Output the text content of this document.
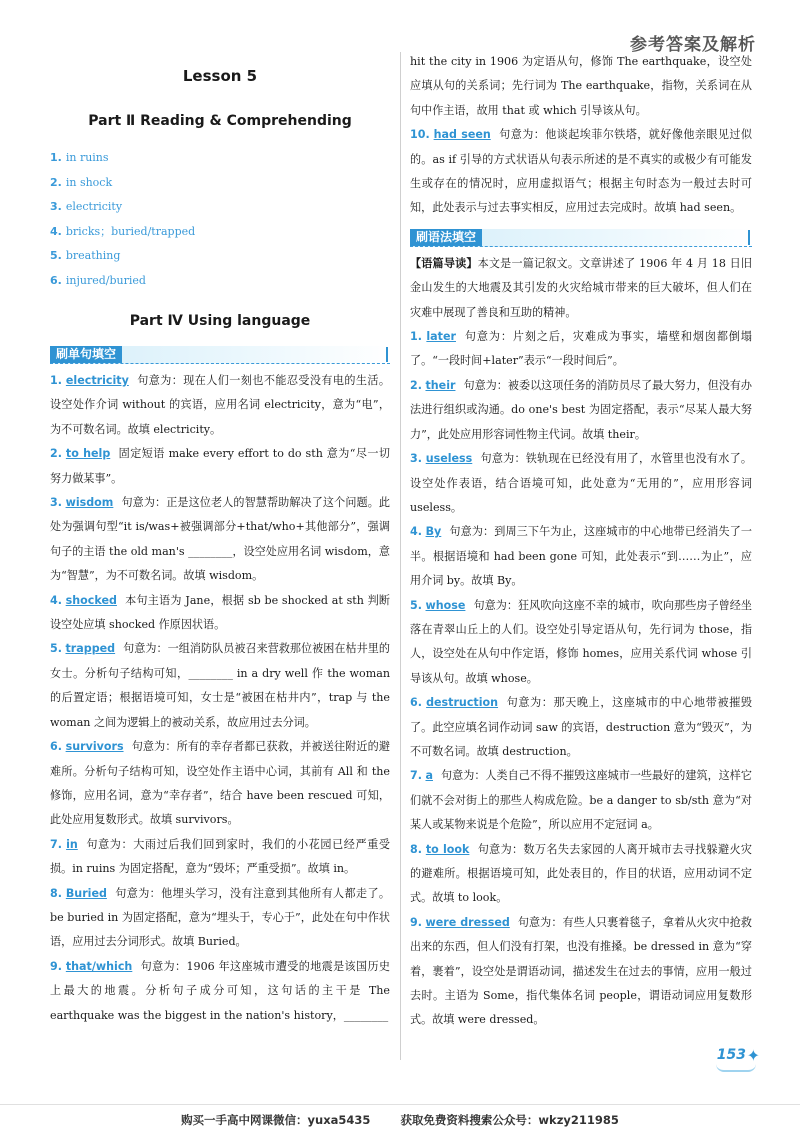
参考答案及解析
Lesson 5
Part Ⅱ Reading & Comprehending
1. in ruins
2. in shock
3. electricity
4. bricks；buried/trapped
5. breathing
6. injured/buried
Part Ⅳ Using language
刷单句填空
1. electricity 句意为：现在人们一刻也不能忍受没有电的生活。设空处作介词 without 的宾语，应用名词 electricity，意为“电”，为不可数名词。故填 electricity。
2. to help 固定短语 make every effort to do sth 意为“尽一切努力做某事”。
3. wisdom 句意为：正是这位老人的智慧帮助解决了这个问题。此处为强调句型“it is/was+被强调部分+that/who+其他部分”，强调句子的主语 the old man's ________，设空处应用名词 wisdom，意为“智慧”，为不可数名词。故填 wisdom。
4. shocked 本句主语为 Jane，根据 sb be shocked at sth 判断设空处应填 shocked 作原因状语。
5. trapped 句意为：一组消防队员被召来营救那位被困在枯井里的女士。分析句子结构可知，________ in a dry well 作 the woman 的后置定语；根据语境可知，女士是“被困在枯井内”，trap 与 the woman 之间为逻辑上的被动关系，故应用过去分词。
6. survivors 句意为：所有的幸存者都已获救，并被送往附近的避难所。分析句子结构可知，设空处作主语中心词，其前有 All 和 the 修饰，应用名词，意为“幸存者”，结合 have been rescued 可知，此处应用复数形式。故填 survivors。
7. in 句意为：大雨过后我们回到家时，我们的小花园已经严重受损。in ruins 为固定搭配，意为“毁坏；严重受损”。故填 in。
8. Buried 句意为：他埋头学习，没有注意到其他所有人都走了。be buried in 为固定搭配，意为“埋头于，专心于”，此处在句中作状语，应用过去分词形式。故填 Buried。
9. that/which 句意为：1906 年这座城市遭受的地震是该国历史上最大的地震。分析句子成分可知，这句话的主干是 The earthquake was the biggest in the nation's history，________
hit the city in 1906 为定语从句，修饰 The earthquake，设空处应填从句的关系词；先行词为 The earthquake，指物，关系词在从句中作主语，故用 that 或 which 引导该从句。
10. had seen 句意为：他谈起埃菲尔铁塔，就好像他亲眼见过似的。as if 引导的方式状语从句表示所述的是不真实的或极少有可能发生或存在的情况时，应用虚拟语气；根据主句时态为一般过去时可知，此处表示与过去事实相反，应用过去完成时。故填 had seen。
刷语法填空
【语篇导读】本文是一篇记叙文。文章讲述了 1906 年 4 月 18 日旧金山发生的大地震及其引发的火灾给城市带来的巨大破坏，但人们在灾难中展现了善良和互助的精神。
1. later 句意为：片刻之后，灾难成为事实，墙壁和烟囱都倒塌了。“一段时间+later”表示“一段时间后”。
2. their 句意为：被委以这项任务的消防员尽了最大努力，但没有办法进行组织或沟通。do one's best 为固定搭配，表示“尽某人最大努力”，此处应用形容词性物主代词。故填 their。
3. useless 句意为：铁轨现在已经没有用了，水管里也没有水了。设空处作表语，结合语境可知，此处意为“无用的”，应用形容词 useless。
4. By 句意为：到周三下午为止，这座城市的中心地带已经消失了一半。根据语境和 had been gone 可知，此处表示“到……为止”，应用介词 by。故填 By。
5. whose 句意为：狂风吹向这座不幸的城市，吹向那些房子曾经坐落在青翠山丘上的人们。设空处引导定语从句，先行词为 those，指人，设空处在从句中作定语，修饰 homes，应用关系代词 whose 引导该从句。故填 whose。
6. destruction 句意为：那天晚上，这座城市的中心地带被摧毁了。此空应填名词作动词 saw 的宾语，destruction 意为“毁灭”，为不可数名词。故填 destruction。
7. a 句意为：人类自己不得不摧毁这座城市一些最好的建筑，这样它们就不会对街上的那些人构成危险。be a danger to sb/sth 意为“对某人或某物来说是个危险”，所以应用不定冠词 a。
8. to look 句意为：数万名失去家园的人离开城市去寻找躲避火灾的避难所。根据语境可知，此处表目的，作目的状语，应用动词不定式。故填 to look。
9. were dressed 句意为：有些人只裹着毯子，拿着从火灾中抢救出来的东西，但人们没有打架，也没有推搡。be dressed in 意为“穿着，裹着”，设空处是谓语动词，描述发生在过去的事情，应用一般过去时。主语为 Some，指代集体名词 people，谓语动词应用复数形式。故填 were dressed。
153 ✦
购买一手高中网课微信：yuxa5435	获取免费资料搜索公众号：wkzy211985
